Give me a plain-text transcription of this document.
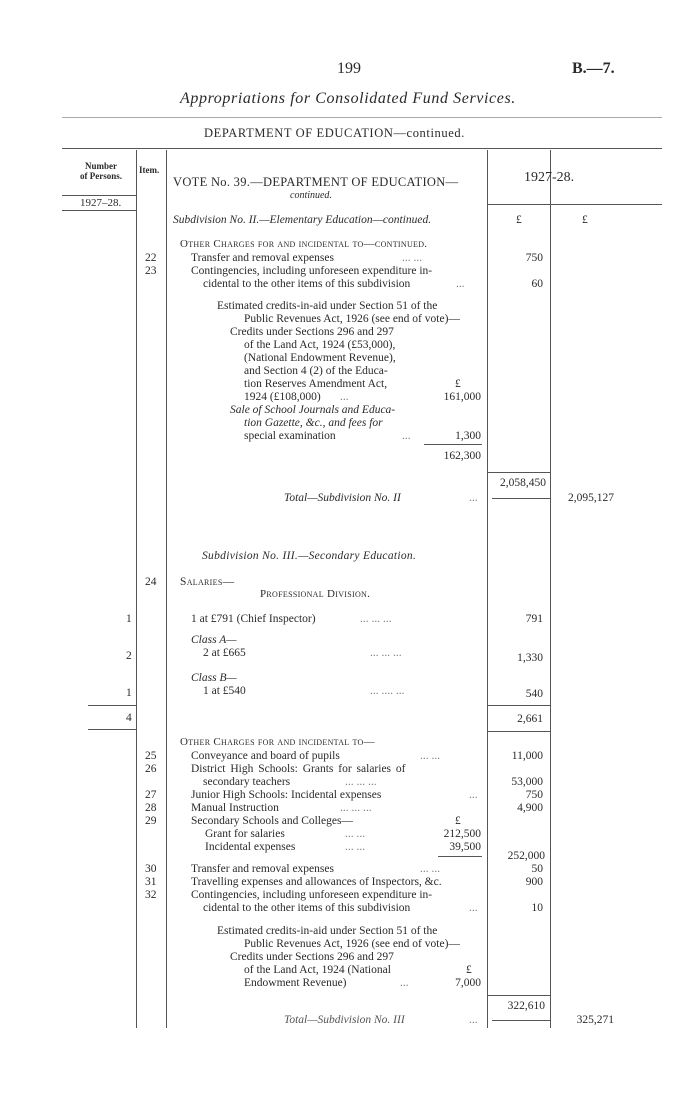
199	B.—7.
Appropriations for Consolidated Fund Services.
DEPARTMENT OF EDUCATION—continued.
Number
of Persons.
Item.
VOTE No. 39.—DEPARTMENT OF EDUCATION—
continued.
1927-28.
1927–28.
Subdivision No. II.—Elementary Education—continued.	£	£
Other Charges for and incidental to—continued.
22	Transfer and removal expenses	... ...	750
23	Contingencies, including unforeseen expenditure in-
cidental to the other items of this subdivision	...	60
Estimated credits-in-aid under Section 51 of the
Public Revenues Act, 1926 (see end of vote)—
Credits under Sections 296 and 297
of the Land Act, 1924 (£53,000),
(National Endowment Revenue),
and Section 4 (2) of the Educa-
tion Reserves Amendment Act,	£
1924 (£108,000) ...	161,000
Sale of School Journals and Educa-
tion Gazette, &c., and fees for
special examination	...	1,300
162,300
2,058,450
Total—Subdivision No. II	...	2,095,127
Subdivision No. III.—Secondary Education.
24 Salaries—
Professional Division.
1	1 at £791 (Chief Inspector)	... ... ...	791
Class A—
2	2 at £665	... ... ...	1,330
Class B—
1	1 at £540	... .... ...	540
4	2,661
Other Charges for and incidental to—
25	Conveyance and board of pupils	... ...	11,000
26	District High Schools: Grants for salaries of
secondary teachers	... ... ...	53,000
27	Junior High Schools: Incidental expenses	...	750
28	Manual Instruction	... ... ...	4,900
29	Secondary Schools and Colleges—	£
Grant for salaries	... ...	212,500
Incidental expenses	... ...	39,500
252,000
30	Transfer and removal expenses	... ...	50
31	Travelling expenses and allowances of Inspectors, &c.	900
32	Contingencies, including unforeseen expenditure in-
cidental to the other items of this subdivision	...	10
Estimated credits-in-aid under Section 51 of the
Public Revenues Act, 1926 (see end of vote)—
Credits under Sections 296 and 297
of the Land Act, 1924 (National	£
Endowment Revenue)	...	7,000
322,610
Total—Subdivision No. III	...	325,271
